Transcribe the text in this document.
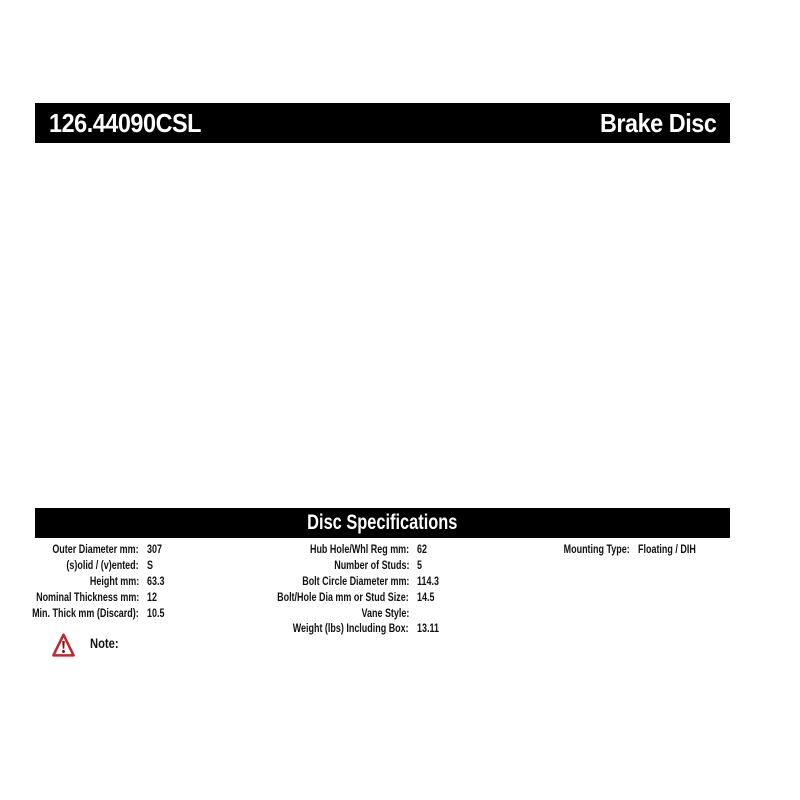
126.44090CSL	Brake Disc
Disc Specifications
Outer Diameter mm: 307
(s)olid / (v)ented: S
Height mm: 63.3
Nominal Thickness mm: 12
Min. Thick mm (Discard): 10.5
Hub Hole/Whl Reg mm: 62
Number of Studs: 5
Bolt Circle Diameter mm: 114.3
Bolt/Hole Dia mm or Stud Size: 14.5
Vane Style:
Weight (lbs) Including Box: 13.11
Mounting Type: Floating / DIH
Note:
